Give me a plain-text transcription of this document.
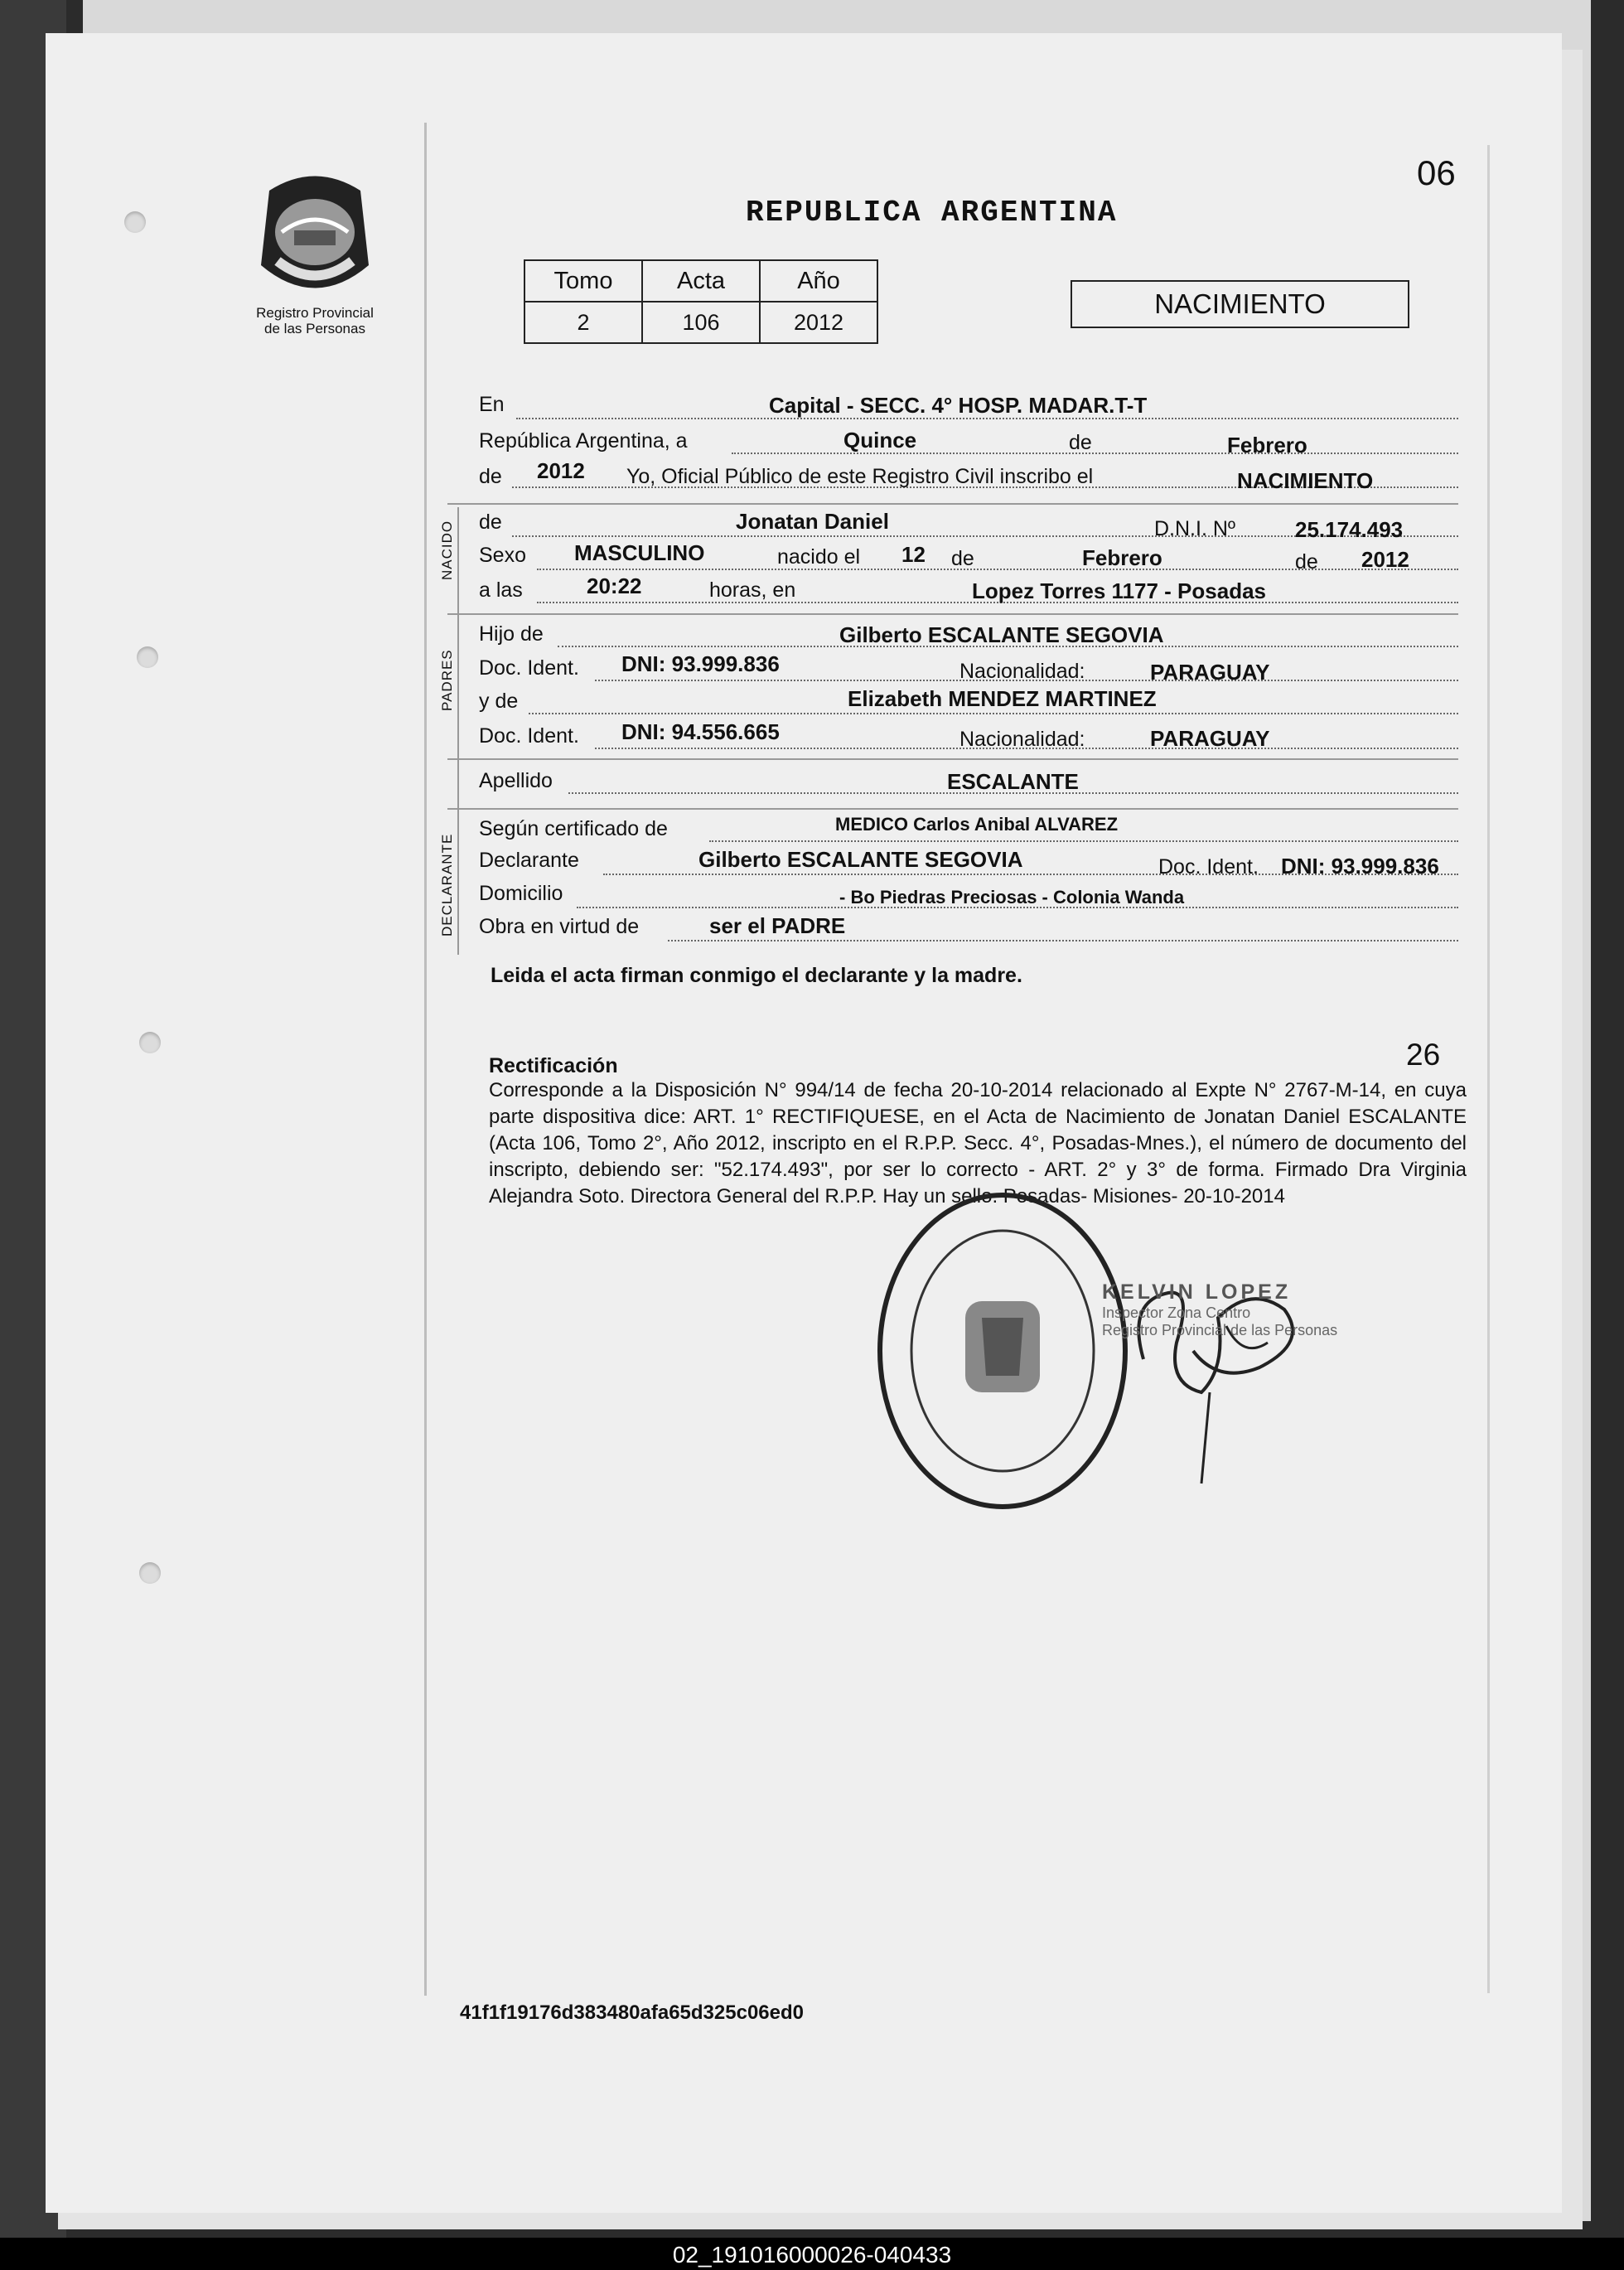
06
REPUBLICA ARGENTINA
Registro Provincial
de las Personas
Tomo	Acta	Año
2	106	2012
NACIMIENTO
En	Capital - SECC. 4° HOSP. MADAR.T-T
República Argentina, a	Quince	de	Febrero
de 2012 Yo, Oficial Público de este Registro Civil inscribo el	NACIMIENTO
NACIDO de	Jonatan Daniel	D.N.I. Nº	25.174.493
Sexo MASCULINO	nacido el 12 de	Febrero	de 2012
a las	20:22	horas, en	Lopez Torres 1177 - Posadas
PADRES
Hijo de	Gilberto ESCALANTE SEGOVIA
Doc. Ident. DNI: 93.999.836	Nacionalidad:	PARAGUAY
y de	Elizabeth MENDEZ MARTINEZ
Doc. Ident. DNI: 94.556.665	Nacionalidad:	PARAGUAY
Apellido	ESCALANTE
DECLARANTE
Según certificado de	MEDICO Carlos Anibal ALVAREZ
Declarante	Gilberto ESCALANTE SEGOVIA	Doc. Ident. DNI: 93.999.836
Domicilio	- Bo Piedras Preciosas - Colonia Wanda
Obra en virtud de	ser el PADRE
Leida el acta firman conmigo el declarante y la madre.
26
Rectificación
Corresponde a la Disposición N° 994/14 de fecha 20-10-2014 relacionado al Expte N° 2767-M-14, en cuya parte dispositiva dice: ART. 1° RECTIFIQUESE, en el Acta de Nacimiento de Jonatan Daniel ESCALANTE (Acta 106, Tomo 2°, Año 2012, inscripto en el R.P.P. Secc. 4°, Posadas-Mnes.), el número de documento del inscripto, debiendo ser: "52.174.493", por ser lo correcto - ART. 2° y 3° de forma. Firmado Dra Virginia Alejandra Soto. Directora General del R.P.P. Hay un sello. Posadas- Misiones- 20-10-2014
KELVIN LOPEZ
Inspector Zona Centro
Registro Provincial de las Personas
41f1f19176d383480afa65d325c06ed0
02_191016000026-040433
